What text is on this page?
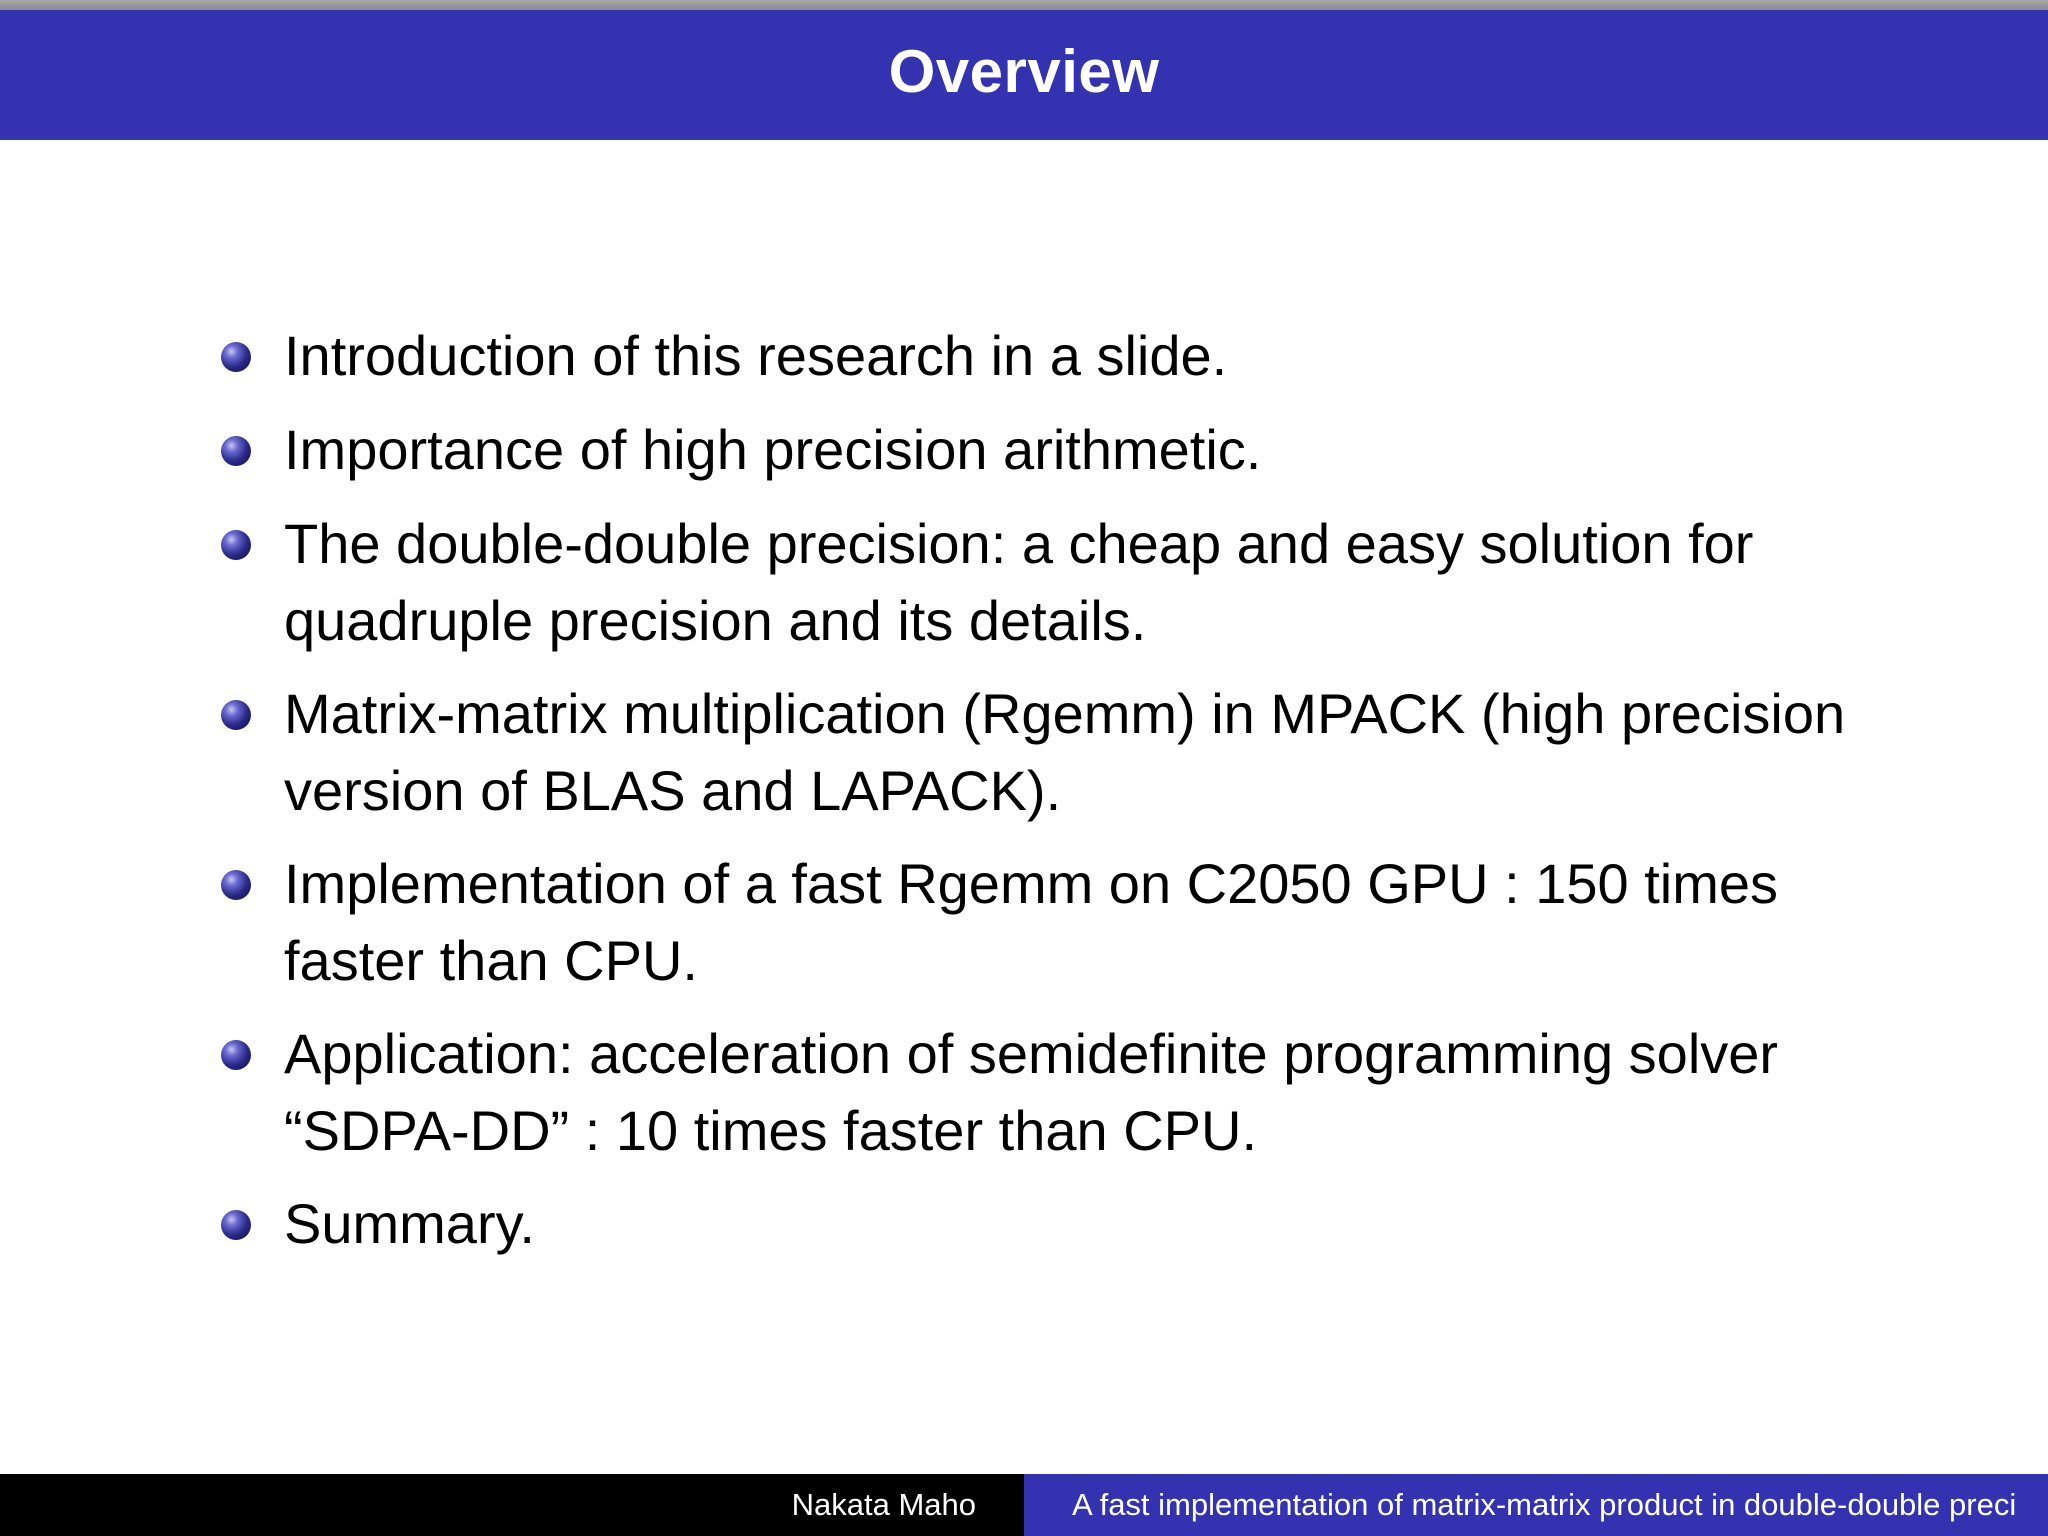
Overview
Introduction of this research in a slide.
Importance of high precision arithmetic.
The double-double precision: a cheap and easy solution for quadruple precision and its details.
Matrix-matrix multiplication (Rgemm) in MPACK (high precision version of BLAS and LAPACK).
Implementation of a fast Rgemm on C2050 GPU : 150 times faster than CPU.
Application: acceleration of semidefinite programming solver “SDPA-DD” : 10 times faster than CPU.
Summary.
Nakata Maho	A fast implementation of matrix-matrix product in double-double preci
